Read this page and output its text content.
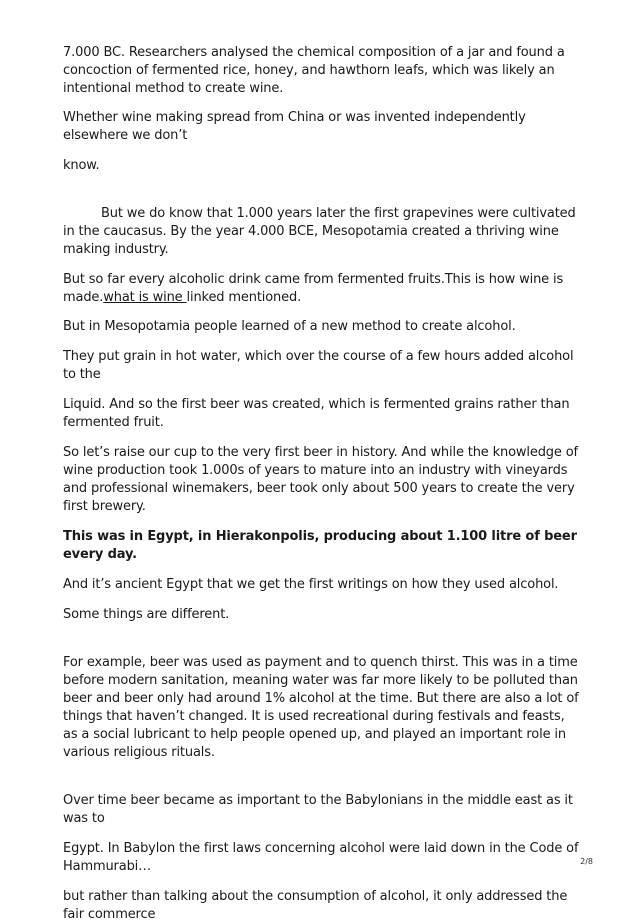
7.000 BC. Researchers analysed the chemical composition of a jar and found a concoction of fermented rice, honey, and hawthorn leafs, which was likely an intentional method to create wine.

Whether wine making spread from China or was invented independently elsewhere we don’t

know.

But we do know that 1.000 years later the first grapevines were cultivated in the caucasus. By the year 4.000 BCE, Mesopotamia created a thriving wine making industry.

But so far every alcoholic drink came from fermented fruits.This is how wine is made.what is wine linked mentioned.

But in Mesopotamia people learned of a new method to create alcohol.

They put grain in hot water, which over the course of a few hours added alcohol to the

Liquid. And so the first beer was created, which is fermented grains rather than fermented fruit.

So let’s raise our cup to the very first beer in history. And while the knowledge of wine production took 1.000s of years to mature into an industry with vineyards and professional winemakers, beer took only about 500 years to create the very first brewery.

This was in Egypt, in Hierakonpolis, producing about 1.100 litre of beer every day.

And it’s ancient Egypt that we get the first writings on how they used alcohol.

Some things are different.

For example, beer was used as payment and to quench thirst. This was in a time before modern sanitation, meaning water was far more likely to be polluted than beer and beer only had around 1% alcohol at the time. But there are also a lot of things that haven’t changed. It is used recreational during festivals and feasts, as a social lubricant to help people opened up, and played an important role in various religious rituals.

Over time beer became as important to the Babylonians in the middle east as it was to

Egypt. In Babylon the first laws concerning alcohol were laid down in the Code of Hammurabi…

but rather than talking about the consumption of alcohol, it only addressed the fair commerce

2/8
